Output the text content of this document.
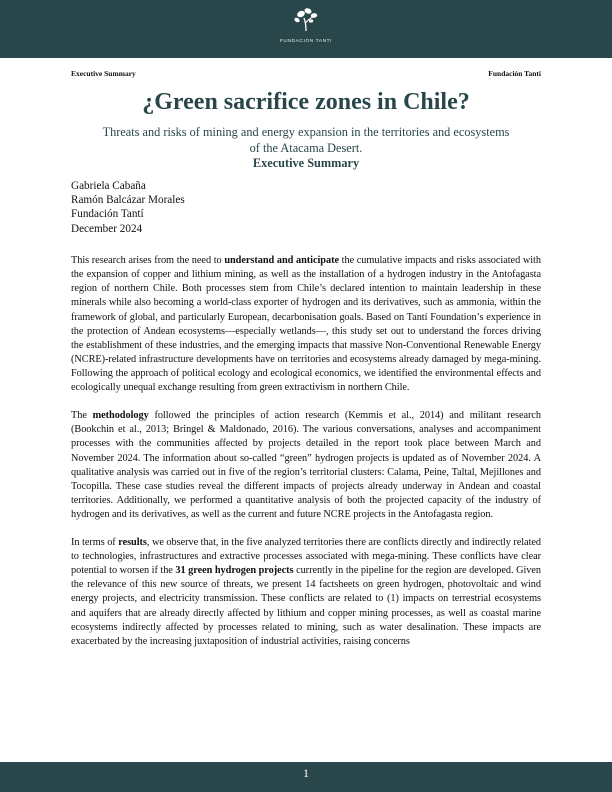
FUNDACIÓN TANTI
Executive Summary	Fundación Tantí
¿Green sacrifice zones in Chile?
Threats and risks of mining and energy expansion in the territories and ecosystems of the Atacama Desert.
Executive Summary
Gabriela Cabaña
Ramón Balcázar Morales
Fundación Tantí
December 2024

This research arises from the need to understand and anticipate the cumulative impacts and risks associated with the expansion of copper and lithium mining, as well as the installation of a hydrogen industry in the Antofagasta region of northern Chile. Both processes stem from Chile’s declared intention to maintain leadership in these minerals while also becoming a world-class exporter of hydrogen and its derivatives, such as ammonia, within the framework of global, and particularly European, decarbonisation goals. Based on Tantí Foundation’s experience in the protection of Andean ecosystems—especially wetlands—, this study set out to understand the forces driving the establishment of these industries, and the emerging impacts that massive Non-Conventional Renewable Energy (NCRE)-related infrastructure developments have on territories and ecosystems already damaged by mega-mining. Following the approach of political ecology and ecological economics, we identified the environmental effects and ecologically unequal exchange resulting from green extractivism in northern Chile.

The methodology followed the principles of action research (Kemmis et al., 2014) and militant research (Bookchin et al., 2013; Bringel & Maldonado, 2016). The various conversations, analyses and accompaniment processes with the communities affected by projects detailed in the report took place between March and November 2024. The information about so-called “green” hydrogen projects is updated as of November 2024. A qualitative analysis was carried out in five of the region’s territorial clusters: Calama, Peine, Taltal, Mejillones and Tocopilla. These case studies reveal the different impacts of projects already underway in Andean and coastal territories. Additionally, we performed a quantitative analysis of both the projected capacity of the industry of hydrogen and its derivatives, as well as the current and future NCRE projects in the Antofagasta region.

In terms of results, we observe that, in the five analyzed territories there are conflicts directly and indirectly related to technologies, infrastructures and extractive processes associated with mega-mining. These conflicts have clear potential to worsen if the 31 green hydrogen projects currently in the pipeline for the region are developed. Given the relevance of this new source of threats, we present 14 factsheets on green hydrogen, photovoltaic and wind energy projects, and electricity transmission. These conflicts are related to (1) impacts on terrestrial ecosystems and aquifers that are already directly affected by lithium and copper mining processes, as well as coastal marine ecosystems indirectly affected by processes related to mining, such as water desalination. These impacts are exacerbated by the increasing juxtaposition of industrial activities, raising concerns

1
